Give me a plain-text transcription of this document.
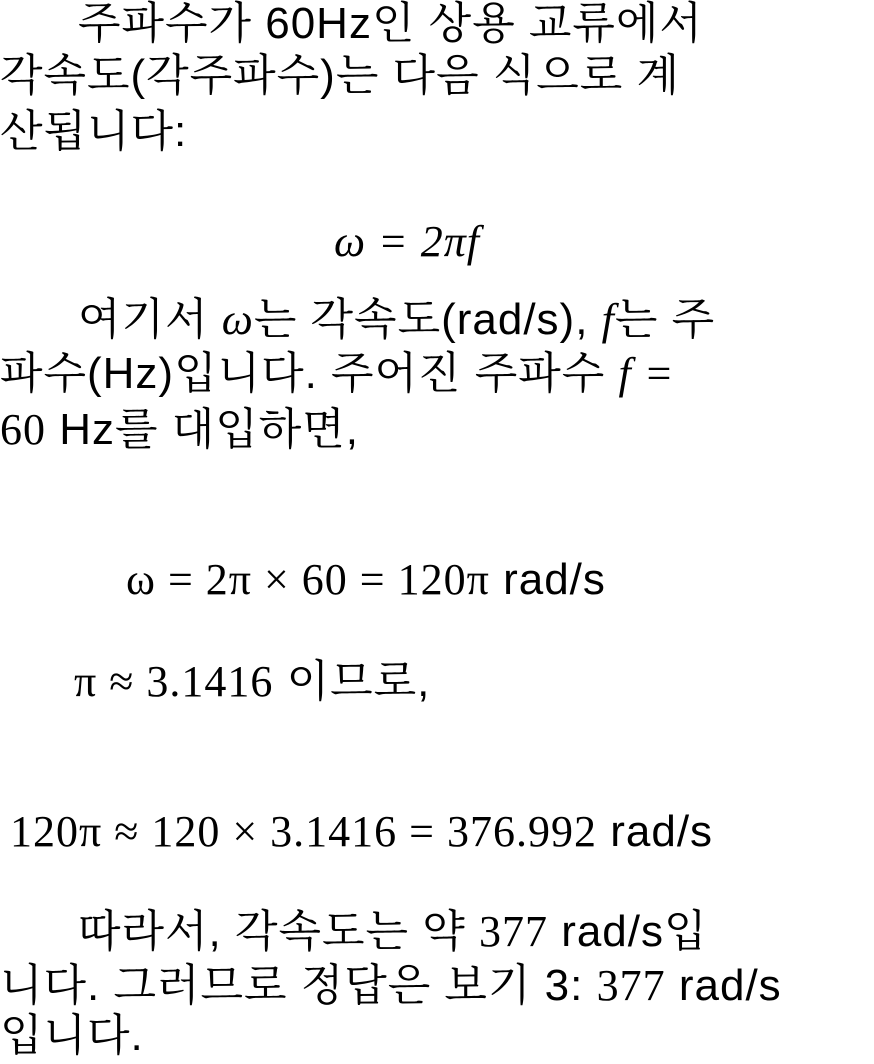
주파수가 60Hz인 상용 교류에서
각속도(각주파수)는 다음 식으로 계
산됩니다:
ω = 2πf
여기서 ω는 각속도(rad/s), f는 주
파수(Hz)입니다. 주어진 주파수 f =
60 Hz를 대입하면,
ω = 2π × 60 = 120π rad/s
π ≈ 3.1416 이므로,
120π ≈ 120 × 3.1416 = 376.992 rad/s
따라서, 각속도는 약 377 rad/s입
니다. 그러므로 정답은 보기 3: 377 rad/s
입니다.
